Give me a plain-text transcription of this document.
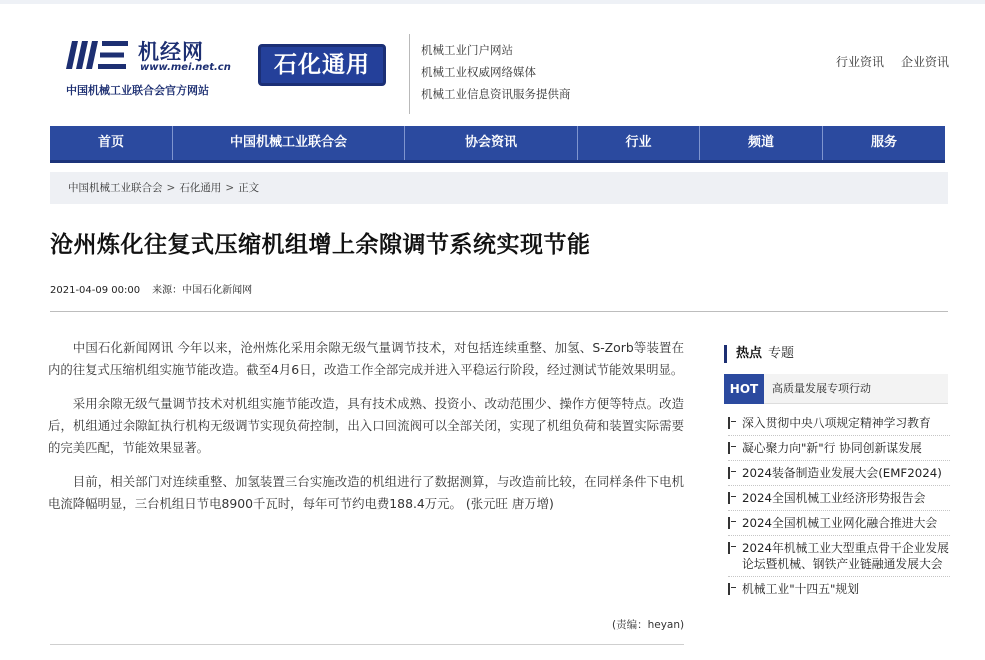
机经网
www.mei.net.cn
中国机械工业联合会官方网站
石化通用
机械工业门户网站
机械工业权威网络媒体
机械工业信息资讯服务提供商
行业资讯 企业资讯
首页	中国机械工业联合会	协会资讯	行业	频道	服务
中国机械工业联合会 > 石化通用 > 正文
沧州炼化往复式压缩机组增上余隙调节系统实现节能
2021-04-09 00:00 来源：中国石化新闻网

中国石化新闻网讯 今年以来，沧州炼化采用余隙无级气量调节技术，对包括连续重整、加氢、S-Zorb等装置在内的往复式压缩机组实施节能改造。截至4月6日，改造工作全部完成并进入平稳运行阶段，经过测试节能效果明显。

采用余隙无级气量调节技术对机组实施节能改造，具有技术成熟、投资小、改动范围少、操作方便等特点。改造后，机组通过余隙缸执行机构无级调节实现负荷控制，出入口回流阀可以全部关闭，实现了机组负荷和装置实际需要的完美匹配，节能效果显著。

目前，相关部门对连续重整、加氢装置三台实施改造的机组进行了数据测算，与改造前比较，在同样条件下电机电流降幅明显，三台机组日节电8900千瓦时，每年可节约电费188.4万元。 (张元旺 唐万增)

(责编：heyan)
热点 专题
HOT	高质量发展专项行动
深入贯彻中央八项规定精神学习教育
凝心聚力向"新"行 协同创新谋发展
2024装备制造业发展大会(EMF2024)
2024全国机械工业经济形势报告会
2024全国机械工业网化融合推进大会
2024年机械工业大型重点骨干企业发展论坛暨机械、钢铁产业链融通发展大会
机械工业"十四五"规划
